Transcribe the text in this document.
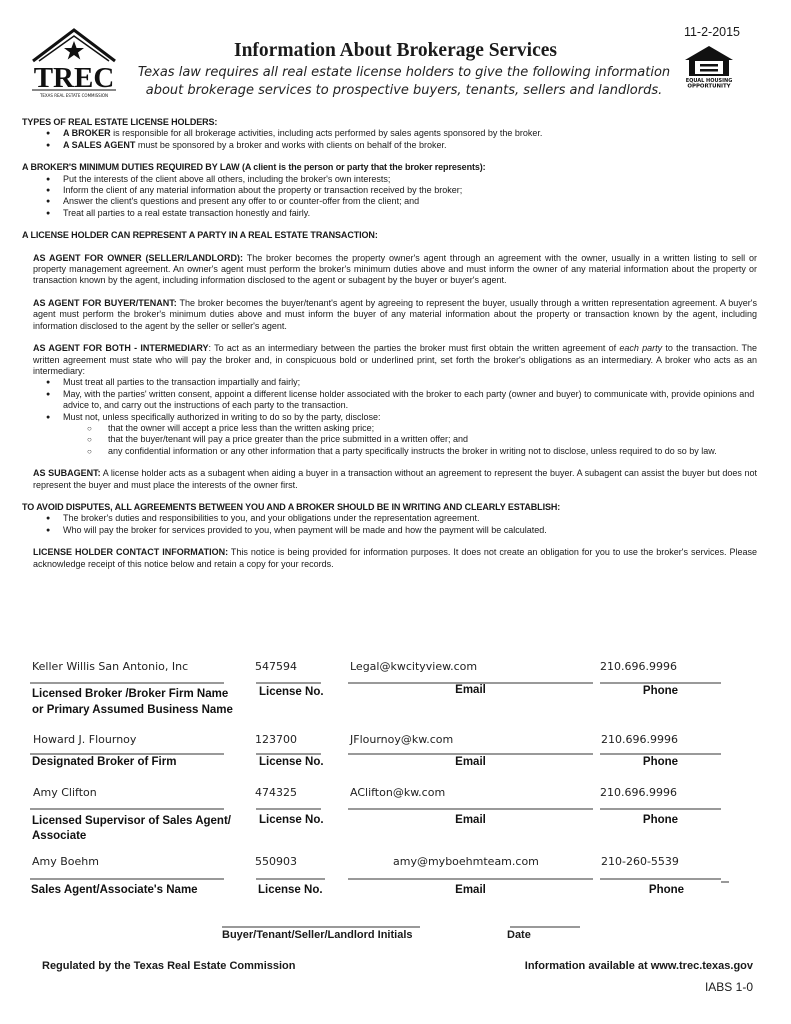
11-2-2015
TREC
TEXAS REAL ESTATE COMMISSION
Information About Brokerage Services
Texas law requires all real estate license holders to give the following information about brokerage services to prospective buyers, tenants, sellers and landlords.
EQUAL HOUSING
OPPORTUNITY

TYPES OF REAL ESTATE LICENSE HOLDERS:

● A BROKER is responsible for all brokerage activities, including acts performed by sales agents sponsored by the broker.
● A SALES AGENT must be sponsored by a broker and works with clients on behalf of the broker.

A BROKER'S MINIMUM DUTIES REQUIRED BY LAW (A client is the person or party that the broker represents):

● Put the interests of the client above all others, including the broker's own interests;
● Inform the client of any material information about the property or transaction received by the broker;
● Answer the client's questions and present any offer to or counter-offer from the client; and
● Treat all parties to a real estate transaction honestly and fairly.

A LICENSE HOLDER CAN REPRESENT A PARTY IN A REAL ESTATE TRANSACTION:

AS AGENT FOR OWNER (SELLER/LANDLORD): The broker becomes the property owner's agent through an agreement with the owner, usually in a written listing to sell or property management agreement. An owner's agent must perform the broker's minimum duties above and must inform the owner of any material information about the property or transaction known by the agent, including information disclosed to the agent or subagent by the buyer or buyer's agent.

AS AGENT FOR BUYER/TENANT: The broker becomes the buyer/tenant's agent by agreeing to represent the buyer, usually through a written representation agreement. A buyer's agent must perform the broker's minimum duties above and must inform the buyer of any material information about the property or transaction known by the agent, including information disclosed to the agent by the seller or seller's agent.

AS AGENT FOR BOTH - INTERMEDIARY: To act as an intermediary between the parties the broker must first obtain the written agreement of each party to the transaction. The written agreement must state who will pay the broker and, in conspicuous bold or underlined print, set forth the broker's obligations as an intermediary. A broker who acts as an intermediary:

● Must treat all parties to the transaction impartially and fairly;
● May, with the parties' written consent, appoint a different license holder associated with the broker to each party (owner and buyer) to communicate with, provide opinions and advice to, and carry out the instructions of each party to the transaction.
● Must not, unless specifically authorized in writing to do so by the party, disclose:
○ that the owner will accept a price less than the written asking price;
○ that the buyer/tenant will pay a price greater than the price submitted in a written offer; and
○ any confidential information or any other information that a party specifically instructs the broker in writing not to disclose, unless required to do so by law.

AS SUBAGENT: A license holder acts as a subagent when aiding a buyer in a transaction without an agreement to represent the buyer. A subagent can assist the buyer but does not represent the buyer and must place the interests of the owner first.

TO AVOID DISPUTES, ALL AGREEMENTS BETWEEN YOU AND A BROKER SHOULD BE IN WRITING AND CLEARLY ESTABLISH:

● The broker's duties and responsibilities to you, and your obligations under the representation agreement.
● Who will pay the broker for services provided to you, when payment will be made and how the payment will be calculated.

LICENSE HOLDER CONTACT INFORMATION: This notice is being provided for information purposes. It does not create an obligation for you to use the broker's services. Please acknowledge receipt of this notice below and retain a copy for your records.

Keller Willis San Antonio, Inc	547594	Legal@kwcityview.com	210.696.9996
Licensed Broker /Broker Firm Name or Primary Assumed Business Name
License No.	Email	Phone
Howard J. Flournoy	123700	JFlournoy@kw.com	210.696.9996
Designated Broker of Firm	License No.	Email	Phone
Amy Clifton	474325	AClifton@kw.com	210.696.9996
Licensed Supervisor of Sales Agent/ Associate
License No.	Email	Phone
Amy Boehm	550903	amy@myboehmteam.com	210-260-5539
Sales Agent/Associate's Name	License No.	Email	Phone
Buyer/Tenant/Seller/Landlord Initials	Date
Regulated by the Texas Real Estate Commission	Information available at www.trec.texas.gov
IABS 1-0
